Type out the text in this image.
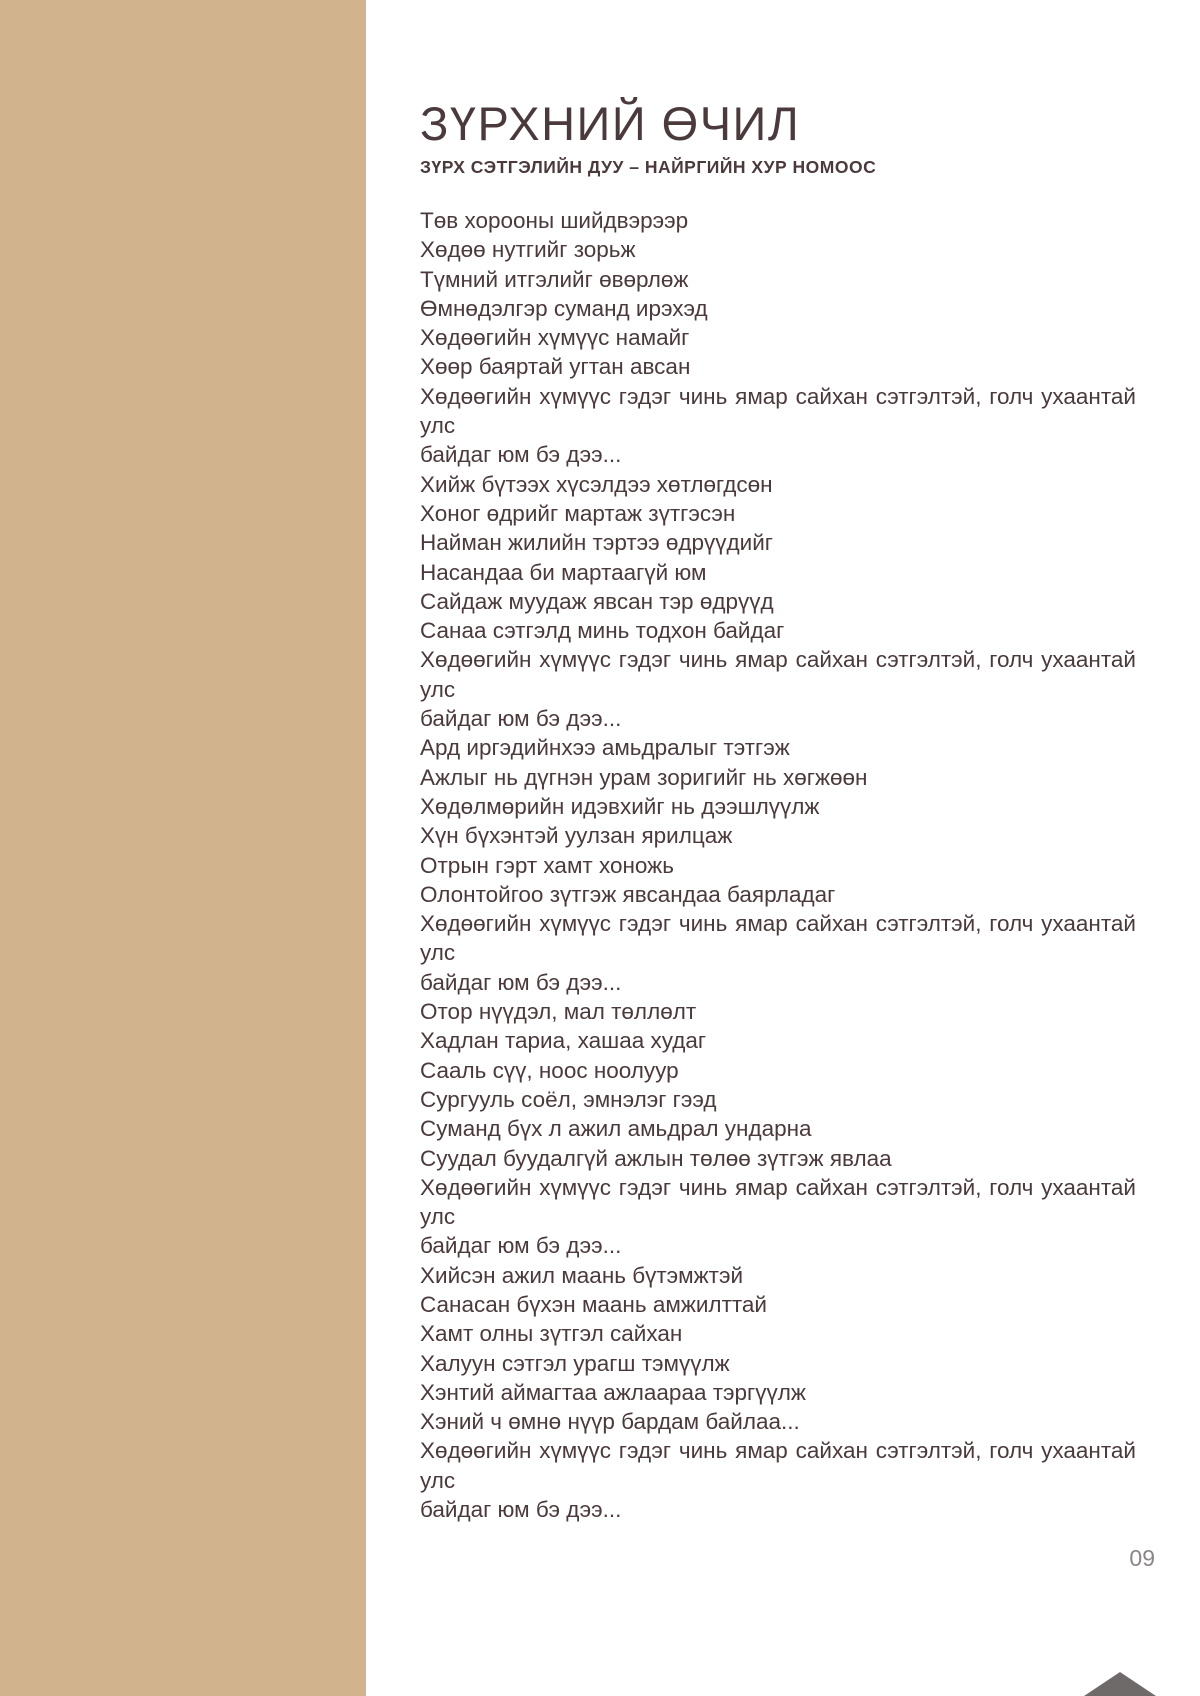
ЗҮРХНИЙ ӨЧИЛ
ЗҮРХ СЭТГЭЛИЙН ДУУ – НАЙРГИЙН ХУР НОМООС
Төв хорооны шийдвэрээр
Хөдөө нутгийг зорьж
Түмний итгэлийг өвөрлөж
Өмнөдэлгэр суманд ирэхэд
Хөдөөгийн хүмүүс намайг
Хөөр баяртай угтан авсан
Хөдөөгийн хүмүүс гэдэг чинь ямар сайхан сэтгэлтэй, голч ухаантай улс
байдаг юм бэ дээ...
Хийж бүтээх хүсэлдээ хөтлөгдсөн
Хоног өдрийг мартаж зүтгэсэн
Найман жилийн тэртээ өдрүүдийг
Насандаа би мартаагүй юм
Сайдаж муудаж явсан тэр өдрүүд
Санаа сэтгэлд минь тодхон байдаг
Хөдөөгийн хүмүүс гэдэг чинь ямар сайхан сэтгэлтэй, голч ухаантай улс
байдаг юм бэ дээ...
Ард иргэдийнхээ амьдралыг тэтгэж
Ажлыг нь дүгнэн урам зоригийг нь хөгжөөн
Хөдөлмөрийн идэвхийг нь дээшлүүлж
Хүн бүхэнтэй уулзан ярилцаж
Отрын гэрт хамт хоножь
Олонтойгоо зүтгэж явсандаа баярладаг
Хөдөөгийн хүмүүс гэдэг чинь ямар сайхан сэтгэлтэй, голч ухаантай улс
байдаг юм бэ дээ...
Отор нүүдэл, мал төллөлт
Хадлан тариа, хашаа худаг
Сааль сүү, ноос ноолуур
Сургууль соёл, эмнэлэг гээд
Суманд бүх л ажил амьдрал ундарна
Суудал буудалгүй ажлын төлөө зүтгэж явлаа
Хөдөөгийн хүмүүс гэдэг чинь ямар сайхан сэтгэлтэй, голч ухаантай улс
байдаг юм бэ дээ...
Хийсэн ажил маань бүтэмжтэй
Санасан бүхэн маань амжилттай
Хамт олны зүтгэл сайхан
Халуун сэтгэл урагш тэмүүлж
Хэнтий аймагтаа ажлаараа тэргүүлж
Хэний ч өмнө нүүр бардам байлаа...
Хөдөөгийн хүмүүс гэдэг чинь ямар сайхан сэтгэлтэй, голч ухаантай улс
байдаг юм бэ дээ...
09
